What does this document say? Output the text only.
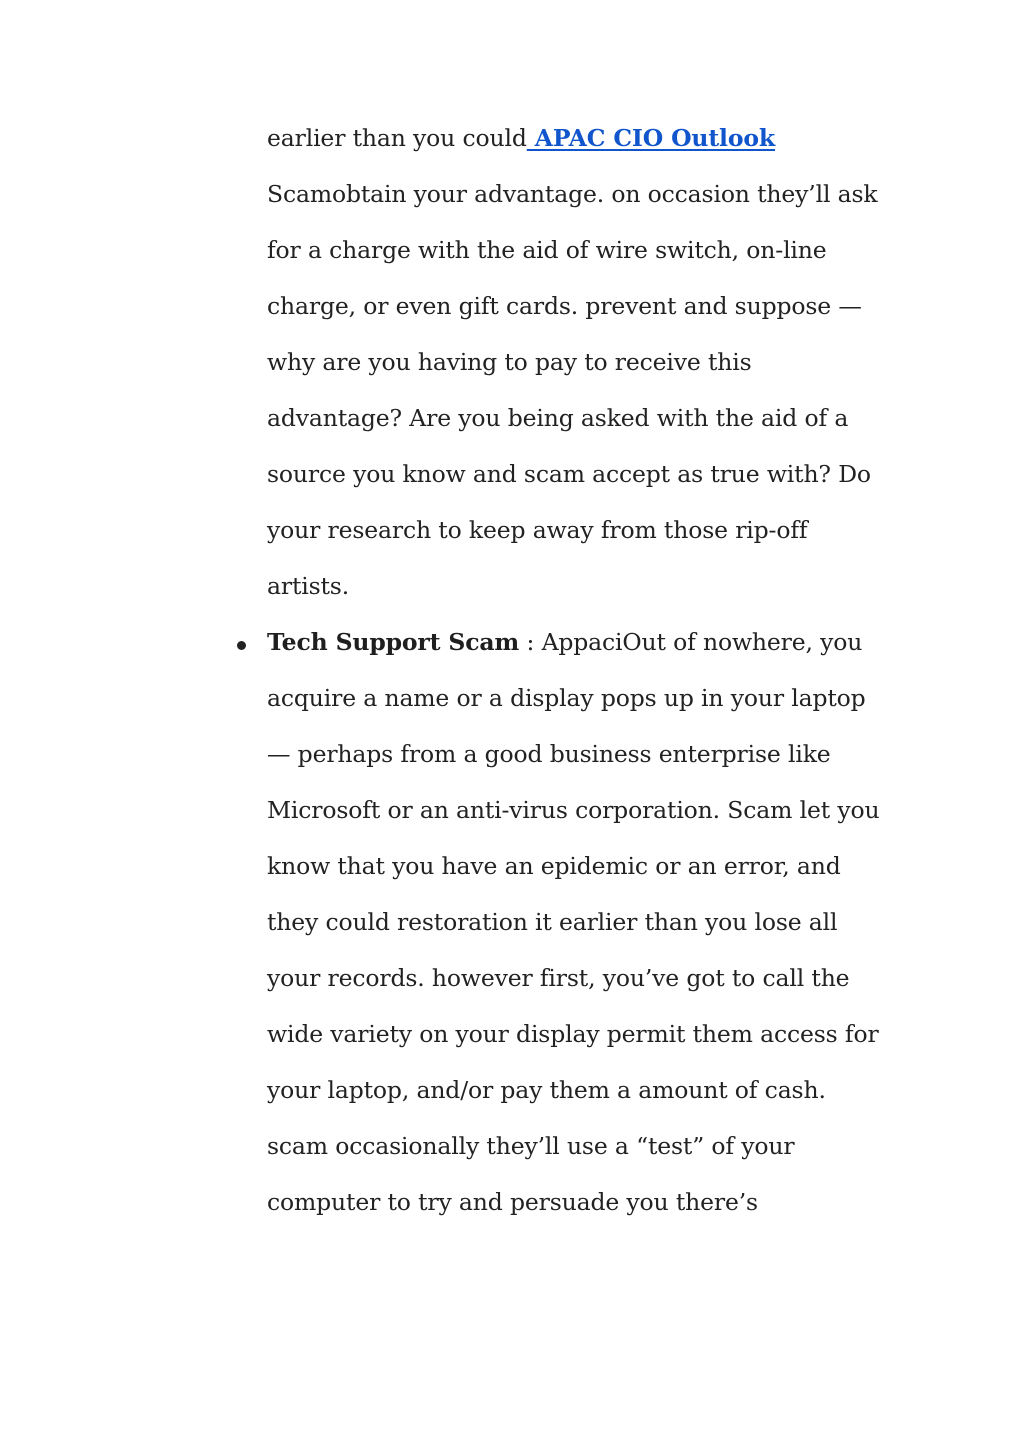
earlier than you could APAC CIO Outlook
Scamobtain your advantage. on occasion they’ll ask
for a charge with the aid of wire switch, on-line
charge, or even gift cards. prevent and suppose —
why are you having to pay to receive this
advantage? Are you being asked with the aid of a
source you know and scam accept as true with? Do
your research to keep away from those rip-off
artists.
Tech Support Scam : AppaciOut of nowhere, you
acquire a name or a display pops up in your laptop
— perhaps from a good business enterprise like
Microsoft or an anti-virus corporation. Scam let you
know that you have an epidemic or an error, and
they could restoration it earlier than you lose all
your records. however first, you’ve got to call the
wide variety on your display permit them access for
your laptop, and/or pay them a amount of cash.
scam occasionally they’ll use a “test” of your
computer to try and persuade you there’s
